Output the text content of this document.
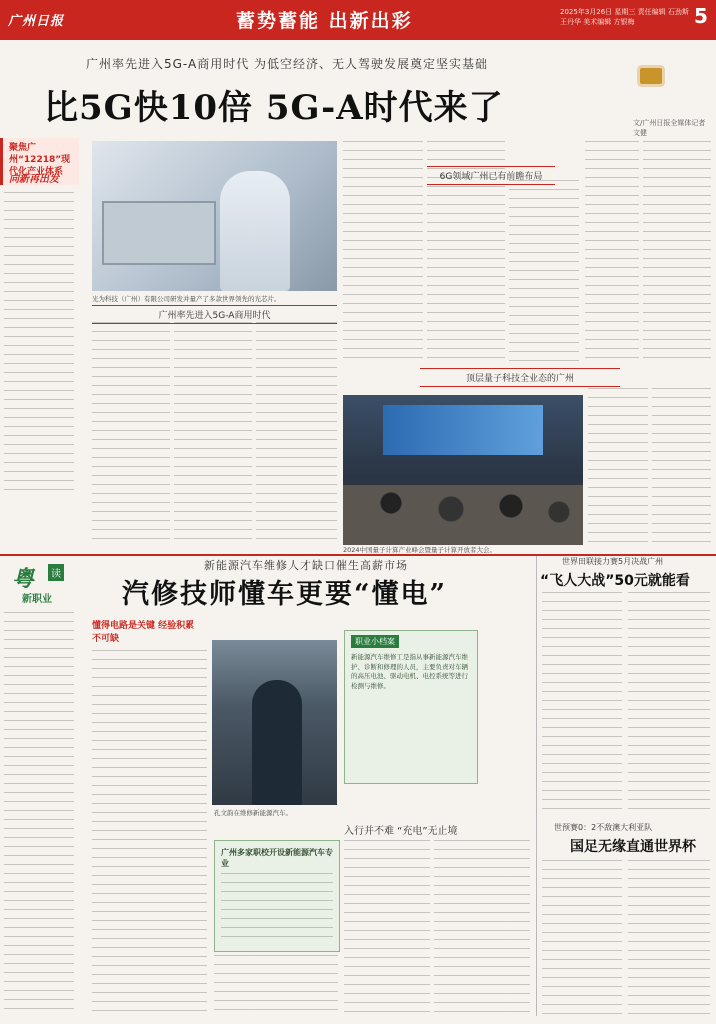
广州日报	蓄势蓄能 出新出彩	2025年3月26日 星期三 责任编辑 石劲斯 王丹华 美术编辑 方银梅	5
广州率先进入5G-A商用时代 为低空经济、无人驾驶发展奠定坚实基础
比5G快10倍 5G-A时代来了	文/广州日报全媒体记者 文健
聚焦广州“12218”现代化产业体系
向新再出发
光为科技（广州）有限公司研发并量产了多款世界领先的光芯片。
6G领域广州已有前瞻布局
广州率先进入5G-A商用时代
顶层量子科技全业态的广州
2024中国量子计算产业峰会暨量子计算开放者大会。
粤	读
新职业
新能源汽车维修人才缺口催生高薪市场
汽修技师懂车更要“懂电”
懂得电路是关键 经验积累不可缺
孔文韵在维修新能源汽车。
职业小档案
新能源汽车维修工是指从事新能源汽车维护、诊断和修理的人员，主要负责对车辆的高压电池、驱动电机、电控系统等进行检测与维修。
入行并不难 “充电”无止境
广州多家职校开设新能源汽车专业
世界田联接力赛5月决战广州
“飞人大战”50元就能看
世预赛0：2不敌澳大利亚队
国足无缘直通世界杯
